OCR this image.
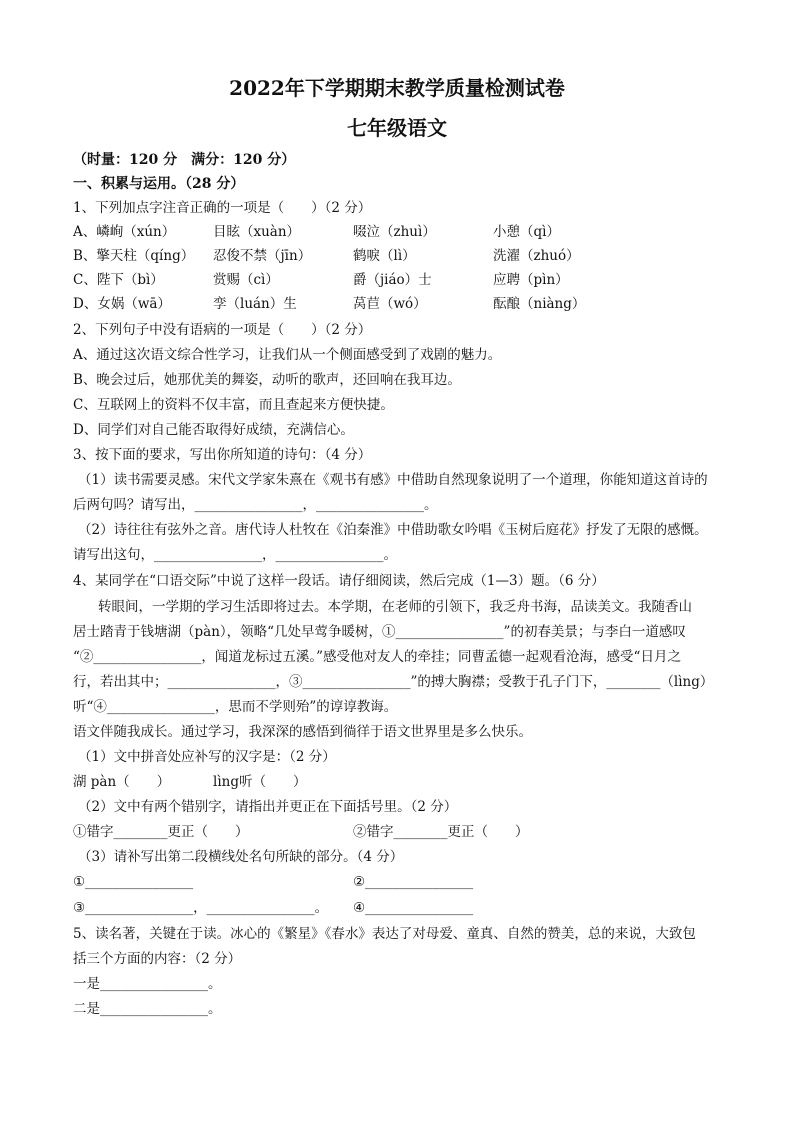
2022年下学期期末教学质量检测试卷
七年级语文
（时量：120 分　满分：120 分）
一、积累与运用。（28 分）
1、下列加点字注音正确的一项是（　　）（2 分）
A、嶙峋（xún）	目眩（xuàn）	啜泣（zhuì）	小憩（qì）
B、擎天柱（qíng） 忍俊不禁（jīn）	鹤唳（lì）	洗濯（zhuó）
C、陛下（bì）	赏赐（cì）	爵（jiáo）士	应聘（pìn）
D、女娲（wā）	孪（luán）生	莴苣（wó）	酝酿（niàng）
2、下列句子中没有语病的一项是（　　）（2 分）
A、通过这次语文综合性学习，让我们从一个侧面感受到了戏剧的魅力。
B、晚会过后，她那优美的舞姿，动听的歌声，还回响在我耳边。
C、互联网上的资料不仅丰富，而且查起来方便快捷。
D、同学们对自己能否取得好成绩，充满信心。
3、按下面的要求，写出你所知道的诗句：（4 分）
（1）读书需要灵感。宋代文学家朱熹在《观书有感》中借助自然现象说明了一个道理，你能知道这首诗的
后两句吗？请写出，________________，________________。
（2）诗往往有弦外之音。唐代诗人杜牧在《泊秦淮》中借助歌女吟唱《玉树后庭花》抒发了无限的感慨。
请写出这句，________________，________________。
4、某同学在“口语交际”中说了这样一段话。请仔细阅读，然后完成（1—3）题。（6 分）
转眼间，一学期的学习生活即将过去。本学期，在老师的引领下，我乏舟书海，品读美文。我随香山
居士踏青于钱塘湖（pàn），领略“几处早莺争暖树，①________________”的初春美景；与李白一道感叹
“②________________，闻道龙标过五溪。”感受他对友人的牵挂；同曹孟德一起观看沧海，感受“日月之
行，若出其中；________________，③________________”的搏大胸襟；受教于孔子门下，________（lìng）
听“④________________，思而不学则殆”的谆谆教诲。
语文伴随我成长。通过学习，我深深的感悟到徜徉于语文世界里是多么快乐。
（1）文中拼音处应补写的汉字是：（2 分）
湖 pàn（　　）	lìng听（　　）
（2）文中有两个错别字，请指出并更正在下面括号里。（2 分）
①错字________更正（　　）	②错字________更正（　　）
（3）请补写出第二段横线处名句所缺的部分。（4 分）
①________________	②________________
③________________，________________。 ④________________
5、读名著，关键在于读。冰心的《繁星》《春水》表达了对母爱、童真、自然的赞美，总的来说，大致包
括三个方面的内容：（2 分）
一是________________。
二是________________。
